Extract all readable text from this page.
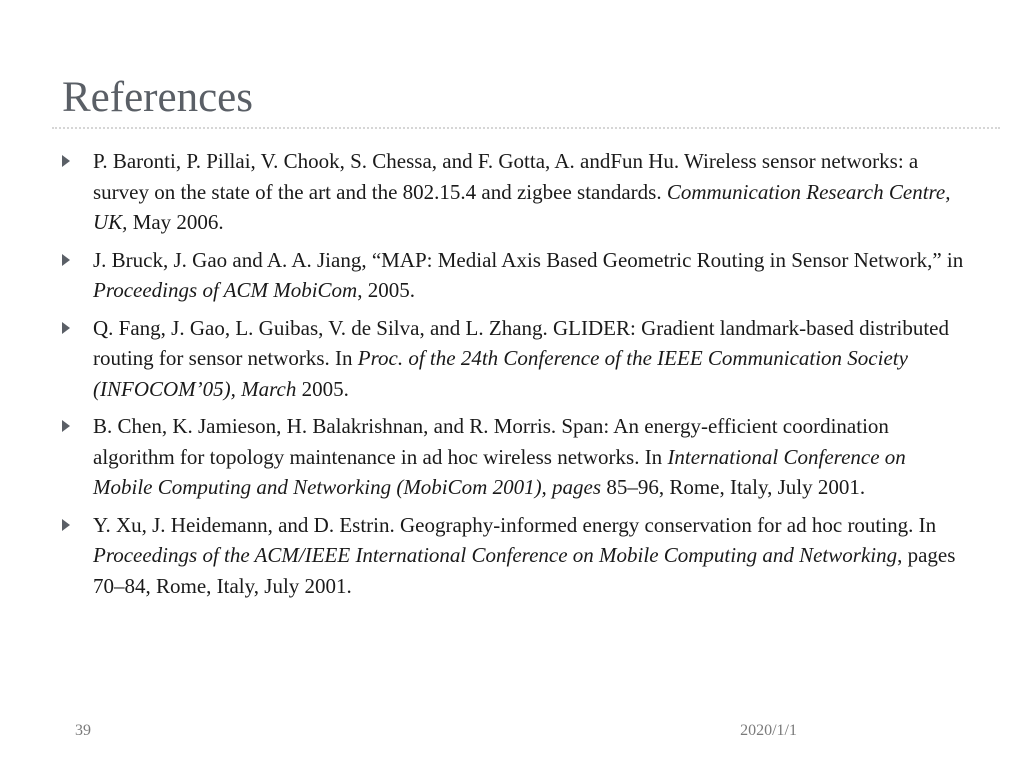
References
P. Baronti, P. Pillai, V. Chook, S. Chessa, and F. Gotta, A. andFun Hu. Wireless sensor networks: a survey on the state of the art and the 802.15.4 and zigbee standards. Communication Research Centre, UK, May 2006.
J. Bruck, J. Gao and A. A. Jiang, “MAP: Medial Axis Based Geometric Routing in Sensor Network,” in Proceedings of ACM MobiCom, 2005.
Q. Fang, J. Gao, L. Guibas, V. de Silva, and L. Zhang. GLIDER: Gradient landmark-based distributed routing for sensor networks. In Proc. of the 24th Conference of the IEEE Communication Society (INFOCOM’05), March 2005.
B. Chen, K. Jamieson, H. Balakrishnan, and R. Morris. Span: An energy-efficient coordination algorithm for topology maintenance in ad hoc wireless networks. In International Conference on Mobile Computing and Networking (MobiCom 2001), pages 85–96, Rome, Italy, July 2001.
Y. Xu, J. Heidemann, and D. Estrin. Geography-informed energy conservation for ad hoc routing. In Proceedings of the ACM/IEEE International Conference on Mobile Computing and Networking, pages 70–84, Rome, Italy, July 2001.
39	2020/1/1
